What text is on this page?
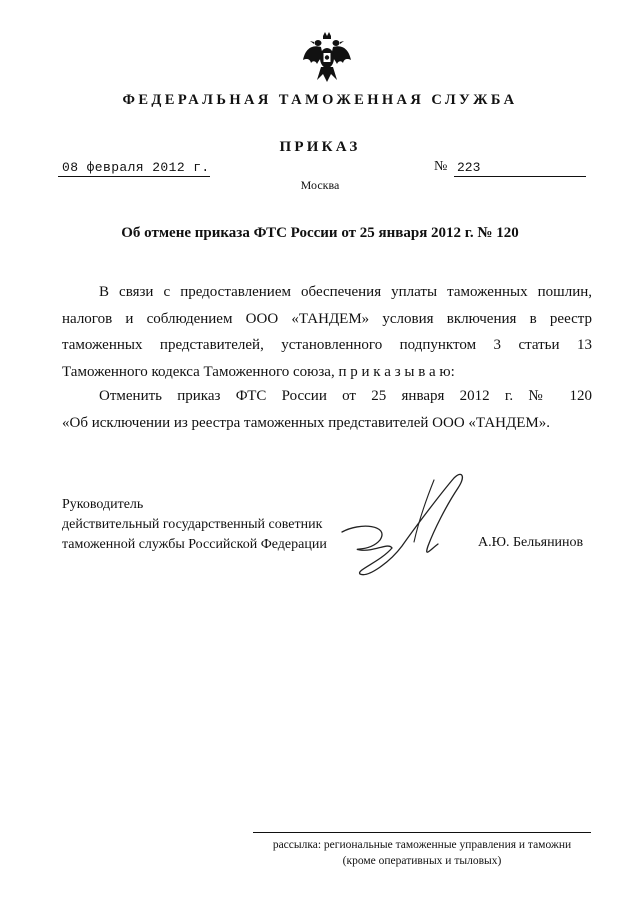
ФЕДЕРАЛЬНАЯ ТАМОЖЕННАЯ СЛУЖБА
ПРИКАЗ
08 февраля 2012 г.	№ 223
Москва
Об отмене приказа ФТС России от 25 января 2012 г. № 120
В связи с предоставлением обеспечения уплаты таможенных пошлин, налогов и соблюдением ООО «ТАНДЕМ» условия включения в реестр таможенных представителей, установленного подпунктом 3 статьи 13
Таможенного кодекса Таможенного союза, п р и к а з ы в а ю:
Отменить приказ ФТС России от 25 января 2012 г. № 120
«Об исключении из реестра таможенных представителей ООО «ТАНДЕМ».
Руководитель
действительный государственный советник
таможенной службы Российской Федерации	А.Ю. Бельянинов
рассылка: региональные таможенные управления и таможни
(кроме оперативных и тыловых)
